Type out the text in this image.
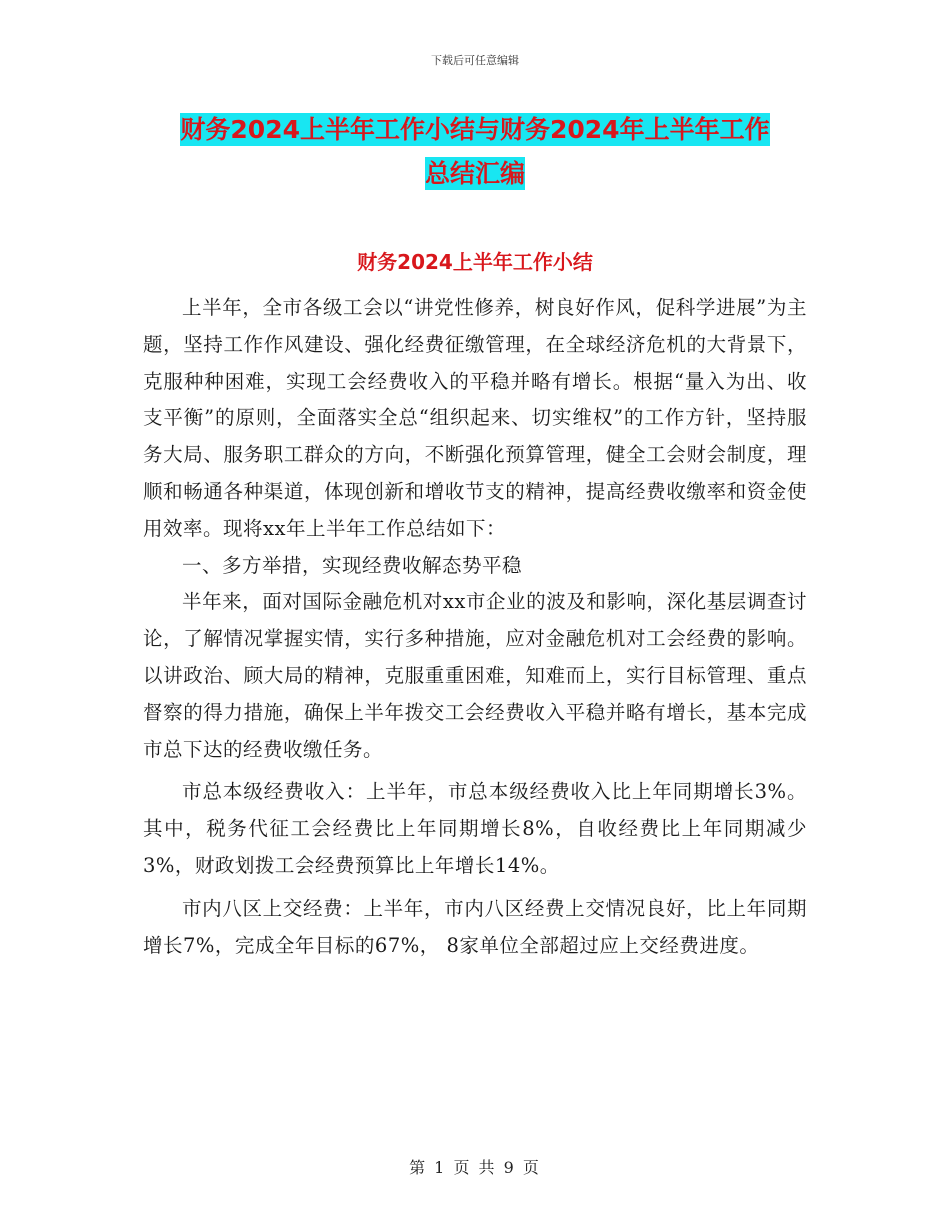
下载后可任意编辑
财务2024上半年工作小结与财务2024年上半年工作
总结汇编
财务2024上半年工作小结

上半年，全市各级工会以“讲党性修养，树良好作风，促科学进展”为主题，坚持工作作风建设、强化经费征缴管理，在全球经济危机的大背景下，克服种种困难，实现工会经费收入的平稳并略有增长。根据“量入为出、收支平衡”的原则，全面落实全总“组织起来、切实维权”的工作方针，坚持服务大局、服务职工群众的方向，不断强化预算管理，健全工会财会制度，理顺和畅通各种渠道，体现创新和增收节支的精神，提高经费收缴率和资金使用效率。现将xx年上半年工作总结如下：

一、多方举措，实现经费收解态势平稳

半年来，面对国际金融危机对xx市企业的波及和影响，深化基层调查讨论，了解情况掌握实情，实行多种措施，应对金融危机对工会经费的影响。以讲政治、顾大局的精神，克服重重困难，知难而上，实行目标管理、重点督察的得力措施，确保上半年拨交工会经费收入平稳并略有增长，基本完成市总下达的经费收缴任务。

市总本级经费收入：上半年，市总本级经费收入比上年同期增长3%。其中，税务代征工会经费比上年同期增长8%，自收经费比上年同期减少3%，财政划拨工会经费预算比上年增长14%。

市内八区上交经费：上半年，市内八区经费上交情况良好，比上年同期增长7%，完成全年目标的67%， 8家单位全部超过应上交经费进度。

第 1 页 共 9 页
